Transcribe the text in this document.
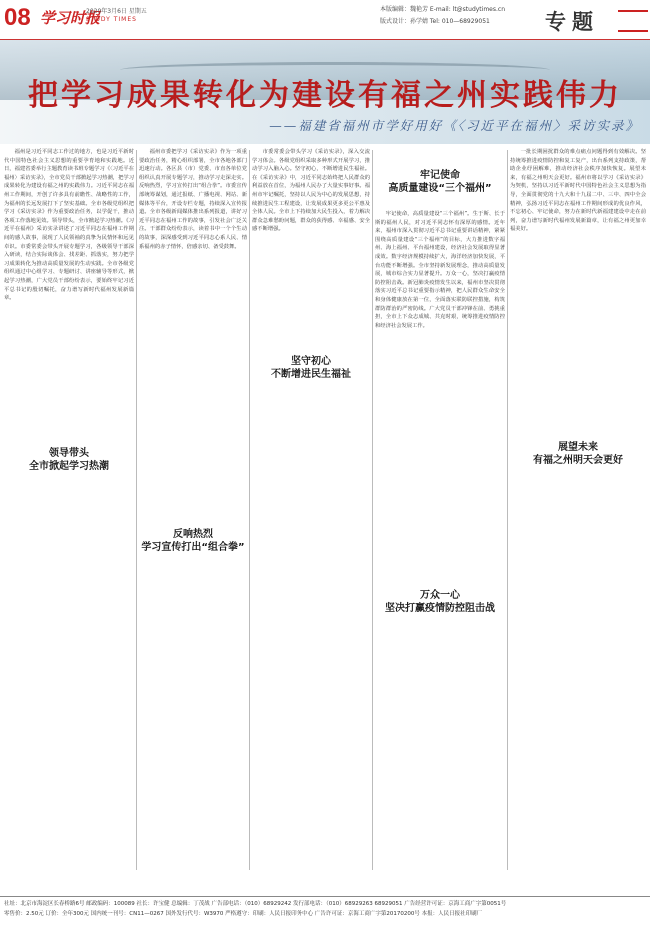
08 学习时报
2020年3月6日 星期五
STUDY TIMES
本版编辑：魏艳芳 E-mail: lt@studytimes.cn
版式设计：孙学婧 Tel: 010—68929051	专题
把学习成果转化为建设有福之州实践伟力
——福建省福州市学好用好《〈习近平在福州〉采访实录》

福州是习近平同志工作过的地方，也是习近平新时代中国特色社会主义思想的重要孕育地和实践地。近日，福建省委举行主题教育读书班专题学习《〈习近平在福州〉采访实录》，全市党员干部掀起学习热潮，把学习成果转化为建设有福之州的实践伟力。习近平同志在福州工作期间，开创了许多具有前瞻性、战略性的工作，为福州的长远发展打下了坚实基础。全市各级党组织把学习《采访实录》作为重要政治任务，以学促干，推动各项工作落地见效。领导带头，全市掀起学习热潮。《习近平在福州》采访实录讲述了习近平同志在福州工作期间的感人故事，展现了人民领袖的真挚为民情怀和远见卓识。市委常委会带头开展专题学习，各级领导干部深入研读，结合实际谈体会、找差距、抓落实，努力把学习成果转化为推动高质量发展的生动实践。全市各级党组织通过中心组学习、专题研讨、讲座辅导等形式，掀起学习热潮，广大党员干部纷纷表示，要始终牢记习近平总书记的殷切嘱托，奋力谱写新时代福州发展新篇章。

福州市委把学习《采访实录》作为一项重要政治任务，精心组织部署，全市各地各部门迅速行动。各区县（市）党委、市直各单位党组织认真开展专题学习，推动学习走深走实。反响热烈，学习宣传打出“组合拳”。市委宣传部统筹谋划，通过报纸、广播电视、网站、新媒体等平台，开设专栏专题，持续深入宣传报道。全市各级新闻媒体推出系列报道，讲好习近平同志在福州工作的故事，引发社会广泛关注。干部群众纷纷表示，读着书中一个个生动的故事，深深感受到习近平同志心系人民、情系福州的赤子情怀，倍感亲切、备受鼓舞。

市委常委会带头学习《采访实录》，深入交流学习体会。各级党组织采取多种形式开展学习，推动学习入脑入心。坚守初心，不断增进民生福祉。在《采访实录》中，习近平同志始终把人民群众的利益放在首位，为福州人民办了大量实事好事。福州市牢记嘱托，坚持以人民为中心的发展思想，持续推进民生工程建设，让发展成果更多更公平惠及全体人民。全市上下持续加大民生投入，着力解决群众急难愁盼问题，群众的获得感、幸福感、安全感不断增强。

牢记使命，高质量建设“三个福州”。生于斯、长于斯的福州人民，对习近平同志怀有深厚的感情。近年来，福州市深入贯彻习近平总书记重要讲话精神，紧紧围绕高质量建设“三个福州”的目标，大力推进数字福州、海上福州、平台福州建设，经济社会发展取得显著成效。数字经济规模持续扩大，海洋经济加快发展，平台功能不断增强。全市坚持新发展理念，推动高质量发展，城市综合实力显著提升。万众一心，坚决打赢疫情防控阻击战。新冠肺炎疫情发生以来，福州市坚决贯彻落实习近平总书记重要指示精神，把人民群众生命安全和身体健康放在第一位，全面落实联防联控措施，构筑群防群治的严密防线。广大党员干部冲锋在前、勇挑重担，全市上下众志成城、共克时艰，统筹推进疫情防控和经济社会发展工作。

一批长期困扰群众的难点痛点问题得到有效解决。坚持统筹推进疫情防控和复工复产，出台系列支持政策，帮助企业纾困解难，推动经济社会秩序加快恢复。展望未来，有福之州明天会更好。福州市将以学习《采访实录》为契机，坚持以习近平新时代中国特色社会主义思想为指导，全面贯彻党的十九大和十九届二中、三中、四中全会精神，弘扬习近平同志在福州工作期间形成的优良作风，不忘初心、牢记使命，努力在新时代新福建建设中走在前列，奋力谱写新时代福州发展新篇章，让有福之州更加幸福美好。

领导带头
全市掀起学习热潮
反响热烈
学习宣传打出“组合拳”
坚守初心
不断增进民生福祉
牢记使命
高质量建设“三个福州”
万众一心
坚决打赢疫情防控阻击战
展望未来
有福之州明天会更好
社址：北京市海淀区长春桥路6号 邮政编码：100089 社长：许宝健 总编辑：丁茂战 广告部电话：（010）68929242 发行部电话：（010）68929263 68929051 广告经营许可证：京海工商广字第0051号
零售价：2.50元 订价：全年300元 国内统一刊号：CN11—0267 国外发行代号：W3970 严格遵守：印刷：人民日报印务中心 广告许可证：京海工商广字第20170200号 本报：人民日报社印刷厂
